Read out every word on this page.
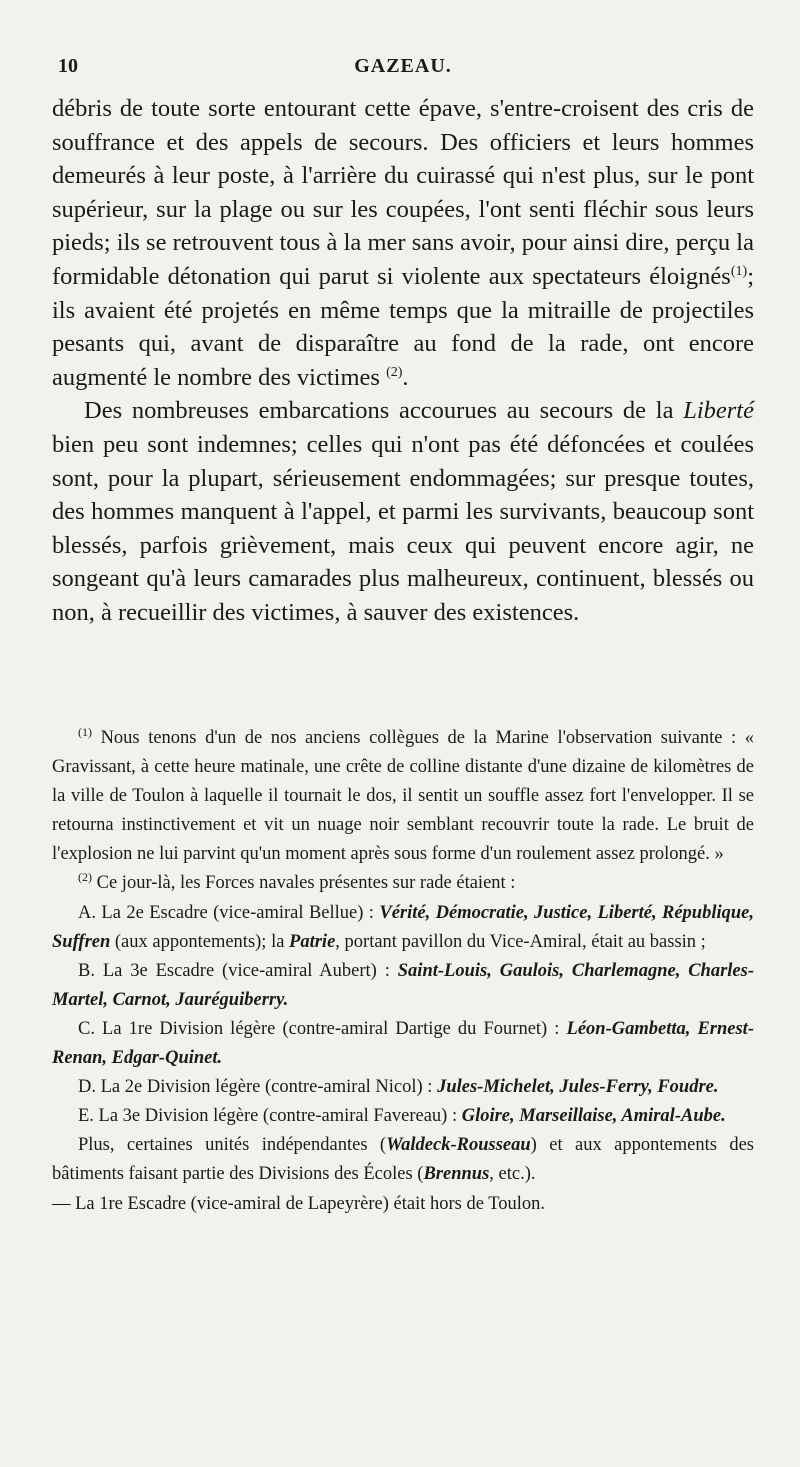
10	GAZEAU.

débris de toute sorte entourant cette épave, s'entre-croisent des cris de souffrance et des appels de secours. Des officiers et leurs hommes demeurés à leur poste, à l'arrière du cuirassé qui n'est plus, sur le pont supérieur, sur la plage ou sur les coupées, l'ont senti fléchir sous leurs pieds; ils se retrouvent tous à la mer sans avoir, pour ainsi dire, perçu la formidable détonation qui parut si violente aux spectateurs éloignés$^{(1)}$; ils avaient été projetés en même temps que la mitraille de projectiles pesants qui, avant de disparaître au fond de la rade, ont encore augmenté le nombre des victimes $^{(2)}$.

Des nombreuses embarcations accourues au secours de la Liberté bien peu sont indemnes; celles qui n'ont pas été défoncées et coulées sont, pour la plupart, sérieusement endommagées; sur presque toutes, des hommes manquent à l'appel, et parmi les survivants, beaucoup sont blessés, parfois grièvement, mais ceux qui peuvent encore agir, ne songeant qu'à leurs camarades plus malheureux, continuent, blessés ou non, à recueillir des victimes, à sauver des existences.

$^{(1)}$ Nous tenons d'un de nos anciens collègues de la Marine l'observation suivante : « Gravissant, à cette heure matinale, une crête de colline distante d'une dizaine de kilomètres de la ville de Toulon à laquelle il tournait le dos, il sentit un souffle assez fort l'envelopper. Il se retourna instinctivement et vit un nuage noir semblant recouvrir toute la rade. Le bruit de l'explosion ne lui parvint qu'un moment après sous forme d'un roulement assez prolongé. »

$^{(2)}$ Ce jour-là, les Forces navales présentes sur rade étaient :

A. La 2e Escadre (vice-amiral Bellue) : Vérité, Démocratie, Justice, Liberté, République, Suffren (aux appontements); la Patrie, portant pavillon du Vice-Amiral, était au bassin ;

B. La 3e Escadre (vice-amiral Aubert) : Saint-Louis, Gaulois, Charlemagne, Charles-Martel, Carnot, Jauréguiberry.

C. La 1re Division légère (contre-amiral Dartige du Fournet) : Léon-Gambetta, Ernest-Renan, Edgar-Quinet.

D. La 2e Division légère (contre-amiral Nicol) : Jules-Michelet, Jules-Ferry, Foudre.

E. La 3e Division légère (contre-amiral Favereau) : Gloire, Marseillaise, Amiral-Aube.

Plus, certaines unités indépendantes (Waldeck-Rousseau) et aux appontements des bâtiments faisant partie des Divisions des Écoles (Brennus, etc.).

— La 1re Escadre (vice-amiral de Lapeyrère) était hors de Toulon.
